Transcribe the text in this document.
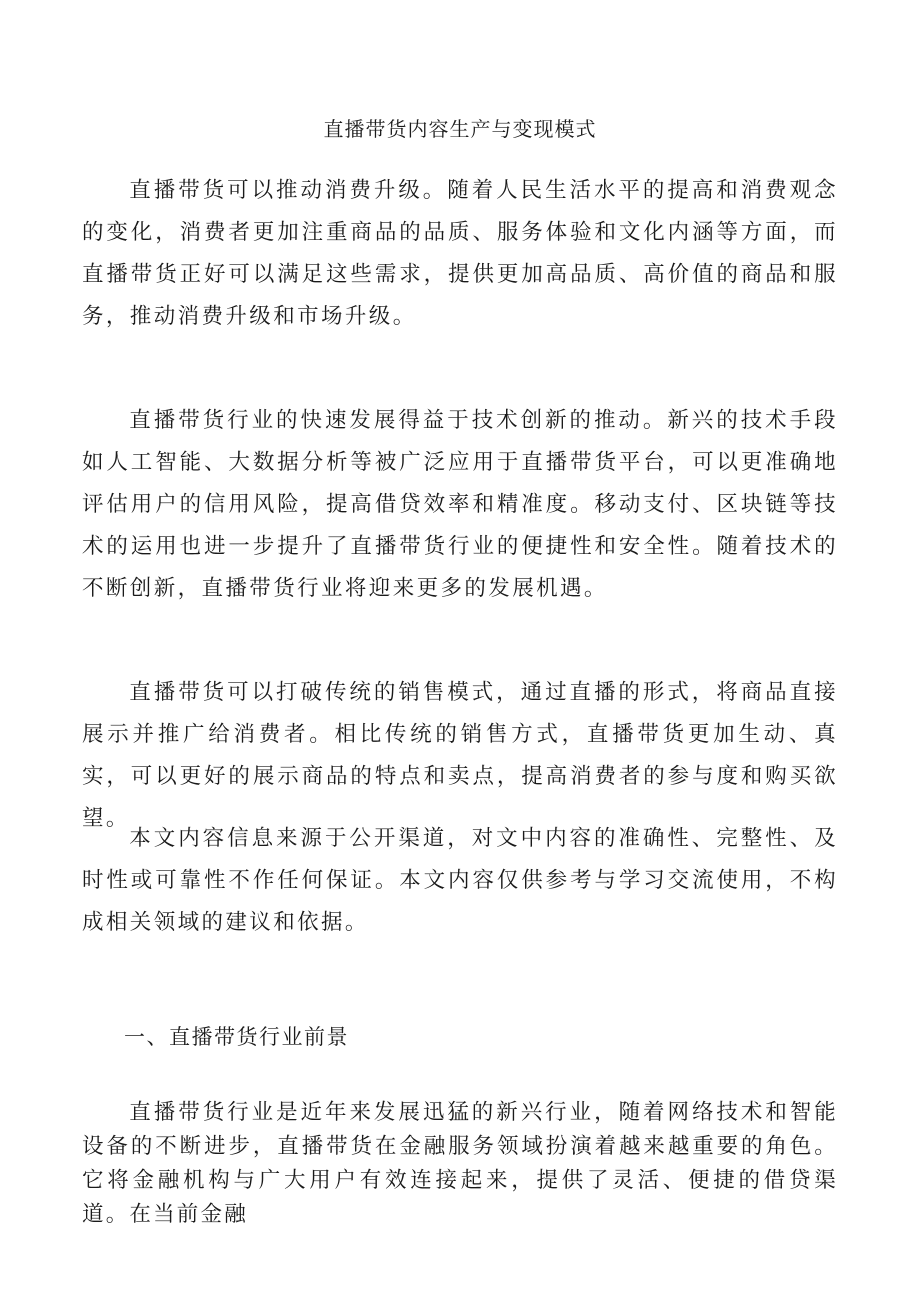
直播带货内容生产与变现模式

直播带货可以推动消费升级。随着人民生活水平的提高和消费观念的变化，消费者更加注重商品的品质、服务体验和文化内涵等方面，而直播带货正好可以满足这些需求，提供更加高品质、高价值的商品和服务，推动消费升级和市场升级。

直播带货行业的快速发展得益于技术创新的推动。新兴的技术手段如人工智能、大数据分析等被广泛应用于直播带货平台，可以更准确地评估用户的信用风险，提高借贷效率和精准度。移动支付、区块链等技术的运用也进一步提升了直播带货行业的便捷性和安全性。随着技术的不断创新，直播带货行业将迎来更多的发展机遇。

直播带货可以打破传统的销售模式，通过直播的形式，将商品直接展示并推广给消费者。相比传统的销售方式，直播带货更加生动、真实，可以更好的展示商品的特点和卖点，提高消费者的参与度和购买欲望。

本文内容信息来源于公开渠道，对文中内容的准确性、完整性、及时性或可靠性不作任何保证。本文内容仅供参考与学习交流使用，不构成相关领域的建议和依据。

一、直播带货行业前景

直播带货行业是近年来发展迅猛的新兴行业，随着网络技术和智能设备的不断进步，直播带货在金融服务领域扮演着越来越重要的角色。它将金融机构与广大用户有效连接起来，提供了灵活、便捷的借贷渠道。在当前金融
